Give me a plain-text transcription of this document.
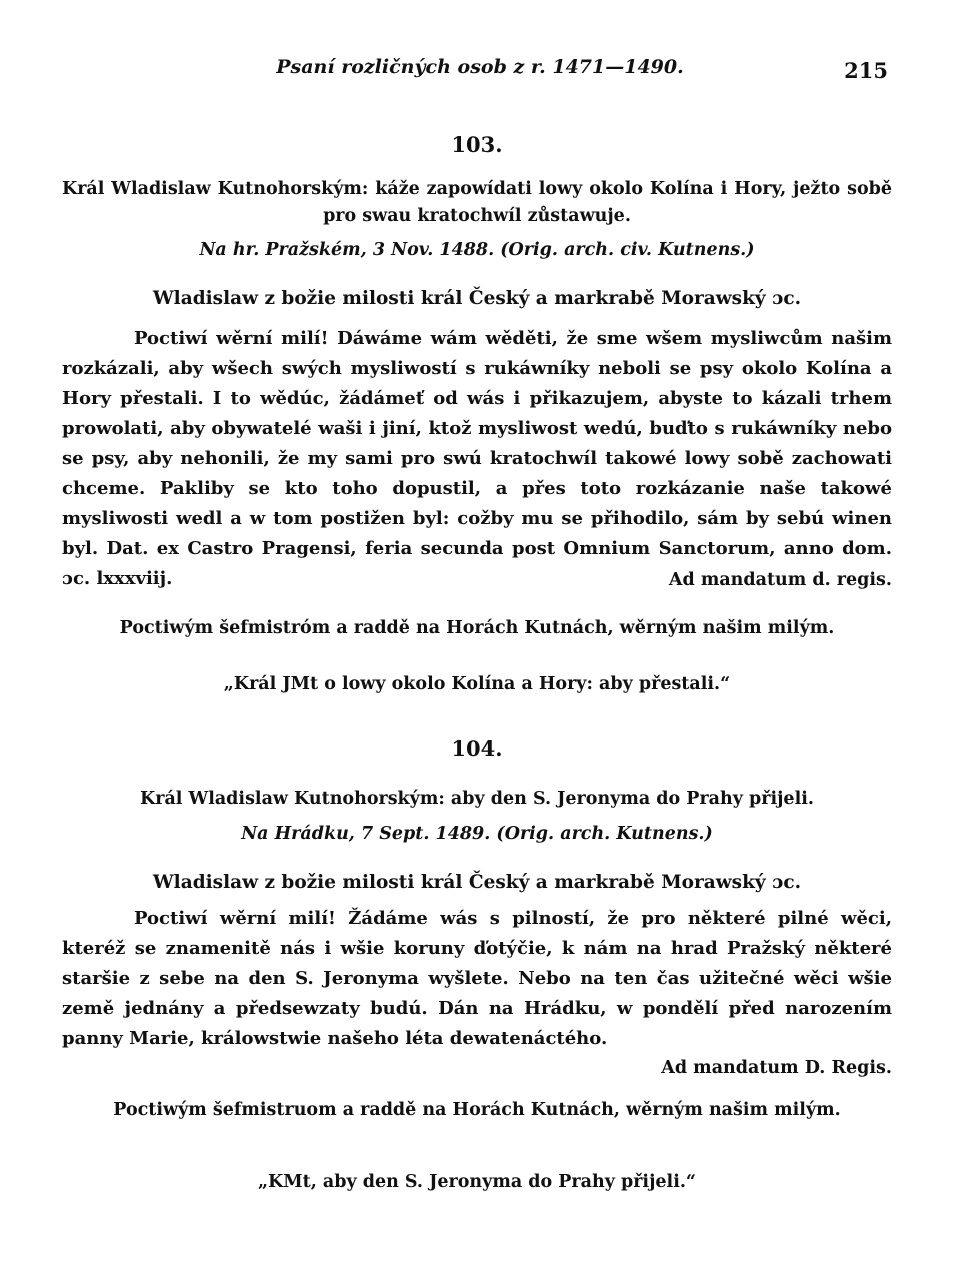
Psaní rozličných osob z r. 1471—1490.	215
103.
Král Wladislaw Kutnohorským: káže zapowídati lowy okolo Kolína i Hory, ježto sobě pro swau kratochwíl zůstawuje.
Na hr. Pražském, 3 Nov. 1488. (Orig. arch. civ. Kutnens.)
Wladislaw z božie milosti král Český a markrabě Morawský ɔc.

Poctiwí wěrní milí! Dáwáme wám wěděti, že sme wšem mysliwcům našim rozkázali, aby wšech swých mysliwostí s rukáwníky neboli se psy okolo Kolína a Hory přestali. I to wědúc, žádámeť od wás i přikazujem, abyste to kázali trhem prowolati, aby obywatelé waši i jiní, ktož mysliwost wedú, buďto s rukáwníky nebo se psy, aby nehonili, že my sami pro swú kratochwíl takowé lowy sobě zachowati chceme. Pakliby se kto toho dopustil, a přes toto rozkázanie naše takowé mysliwosti wedl a w tom postižen byl: cožby mu se přihodilo, sám by sebú winen byl. Dat. ex Castro Pragensi, feria secunda post Omnium Sanctorum, anno dom. ɔc. lxxxviij.	Ad mandatum d. regis.
Poctiwým šefmistróm a raddě na Horách Kutnách, wěrným našim milým.
„Král JMt o lowy okolo Kolína a Hory: aby přestali.“
104.
Král Wladislaw Kutnohorským: aby den S. Jeronyma do Prahy přijeli.
Na Hrádku, 7 Sept. 1489. (Orig. arch. Kutnens.)
Wladislaw z božie milosti král Český a markrabě Morawský ɔc.

Poctiwí wěrní milí! Žádáme wás s pilností, že pro některé pilné wěci, kteréž se znamenitě nás i wšie koruny ďotýčie, k nám na hrad Pražský některé staršie z sebe na den S. Jeronyma wyšlete. Nebo na ten čas užitečné wěci wšie země jednány a předsewzaty budú. Dán na Hrádku, w pondělí před narozením panny Marie, králowstwie našeho léta dewatenáctého.

Ad mandatum D. Regis.
Poctiwým šefmistruom a raddě na Horách Kutnách, wěrným našim milým.
„KMt, aby den S. Jeronyma do Prahy přijeli.“
